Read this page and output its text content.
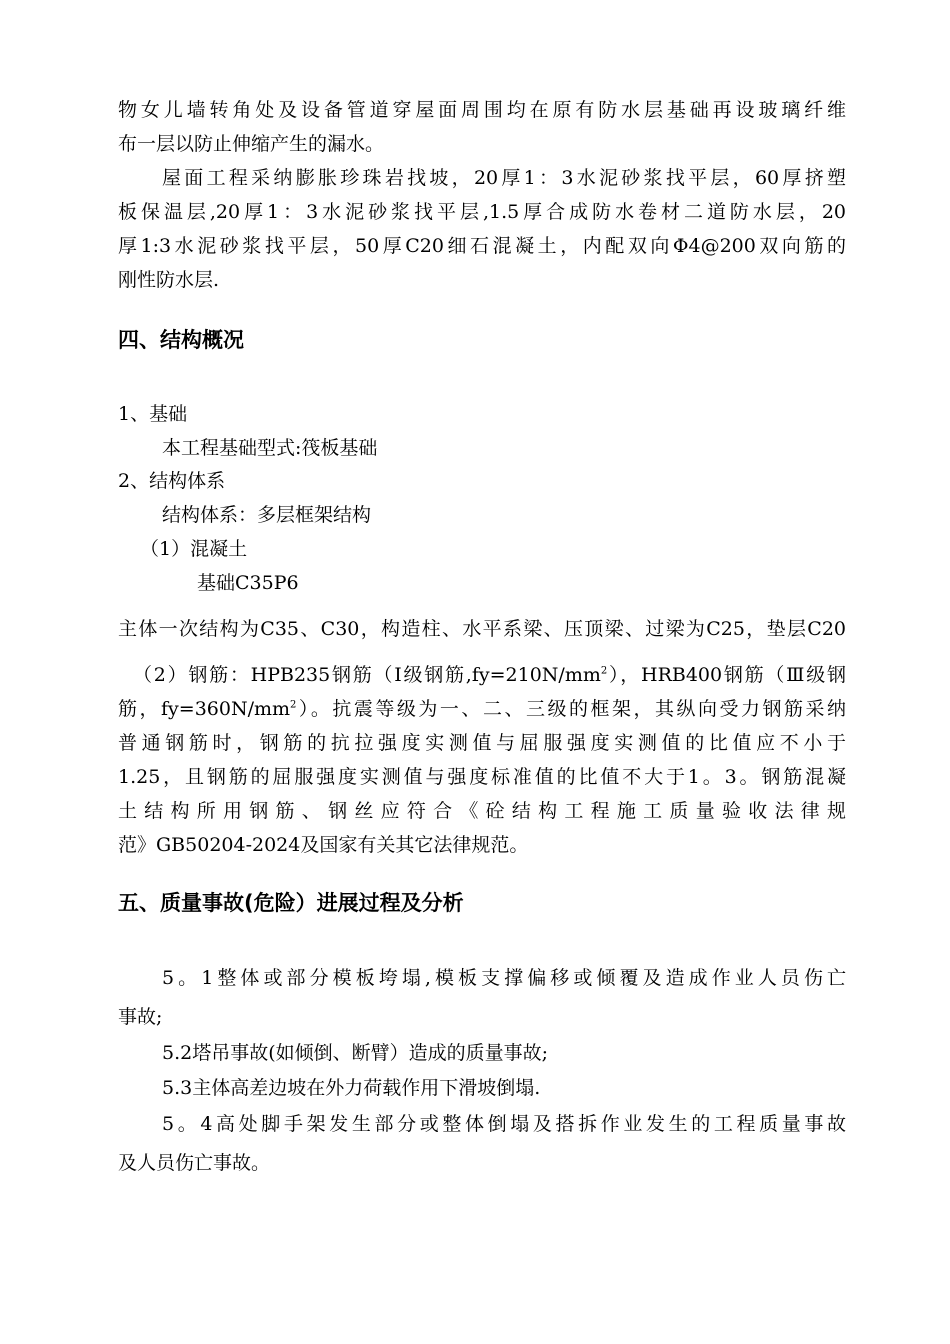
物女儿墙转角处及设备管道穿屋面周围均在原有防水层基础再设玻璃纤维
布一层以防止伸缩产生的漏水。
屋面工程采纳膨胀珍珠岩找坡，20厚1：3水泥砂浆找平层，60厚挤塑
板保温层,20厚1：3水泥砂浆找平层,1.5厚合成防水卷材二道防水层，20
厚1:3水泥砂浆找平层，50厚C20细石混凝土，内配双向Φ4@200双向筋的
刚性防水层.
四、结构概况
1、基础
本工程基础型式:筏板基础
2、结构体系
结构体系：多层框架结构
（1）混凝土
基础C35P6
主体一次结构为C35、C30，构造柱、水平系梁、压顶梁、过梁为C25，垫层C20
（2）钢筋：HPB235钢筋（Ⅰ级钢筋$,fy=210N/mm^2$），HRB400钢筋（Ⅲ级钢
筋，$fy=360N/mm^2$）。抗震等级为一、二、三级的框架，其纵向受力钢筋采纳
普通钢筋时，钢筋的抗拉强度实测值与屈服强度实测值的比值应不小于
1.25，且钢筋的屈服强度实测值与强度标准值的比值不大于1。3。钢筋混凝
土结构所用钢筋、钢丝应符合《砼结构工程施工质量验收法律规
范》GB50204-2024及国家有关其它法律规范。
五、质量事故(危险）进展过程及分析
5。1整体或部分模板垮塌,模板支撑偏移或倾覆及造成作业人员伤亡
事故;
5.2塔吊事故(如倾倒、断臂）造成的质量事故;
5.3主体高差边坡在外力荷载作用下滑坡倒塌.
5。4高处脚手架发生部分或整体倒塌及搭拆作业发生的工程质量事故
及人员伤亡事故。
